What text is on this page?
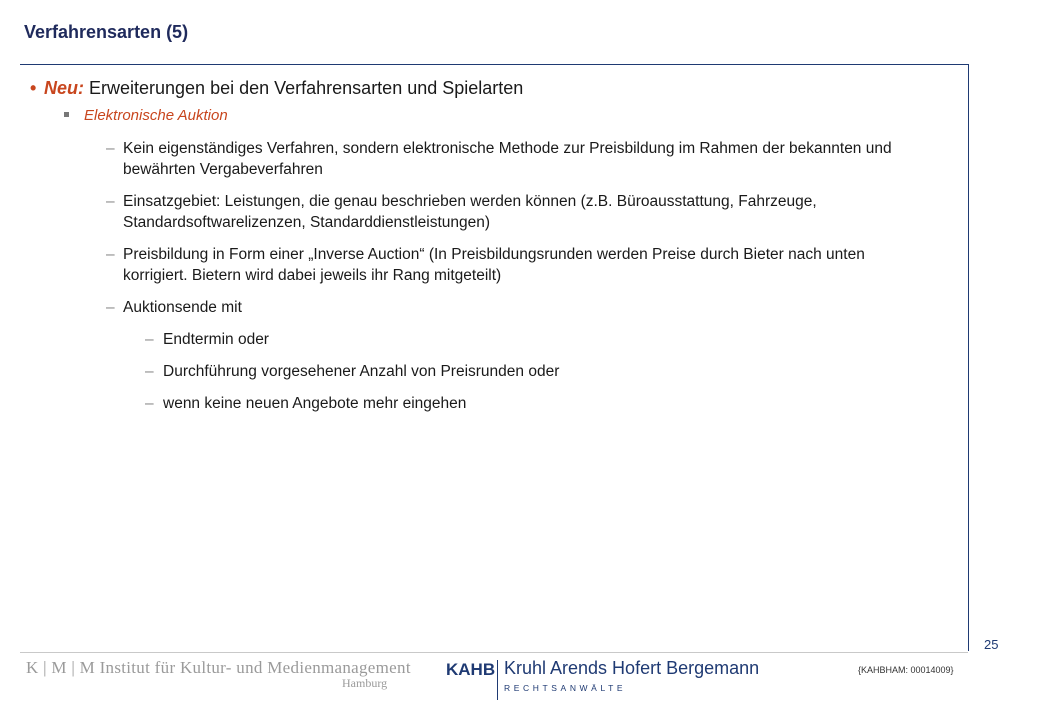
Verfahrensarten (5)
• Neu: Erweiterungen bei den Verfahrensarten und Spielarten
Elektronische Auktion
– Kein eigenständiges Verfahren, sondern elektronische Methode zur Preisbildung im Rahmen der bekannten und bewährten Vergabeverfahren
– Einsatzgebiet: Leistungen, die genau beschrieben werden können (z.B. Büroausstattung, Fahrzeuge, Standardsoftwarelizenzen, Standarddienstleistungen)
– Preisbildung in Form einer „Inverse Auction“ (In Preisbildungsrunden werden Preise durch Bieter nach unten korrigiert. Bietern wird dabei jeweils ihr Rang mitgeteilt)
– Auktionsende mit
– Endtermin oder
– Durchführung vorgesehener Anzahl von Preisrunden oder
– wenn keine neuen Angebote mehr eingehen
25
K | M | M Institut für Kultur- und Medienmanagement
Hamburg
KAHB Kruhl Arends Hofert Bergemann
RECHTSANWÄLTE
{KAHBHAM: 00014009}
